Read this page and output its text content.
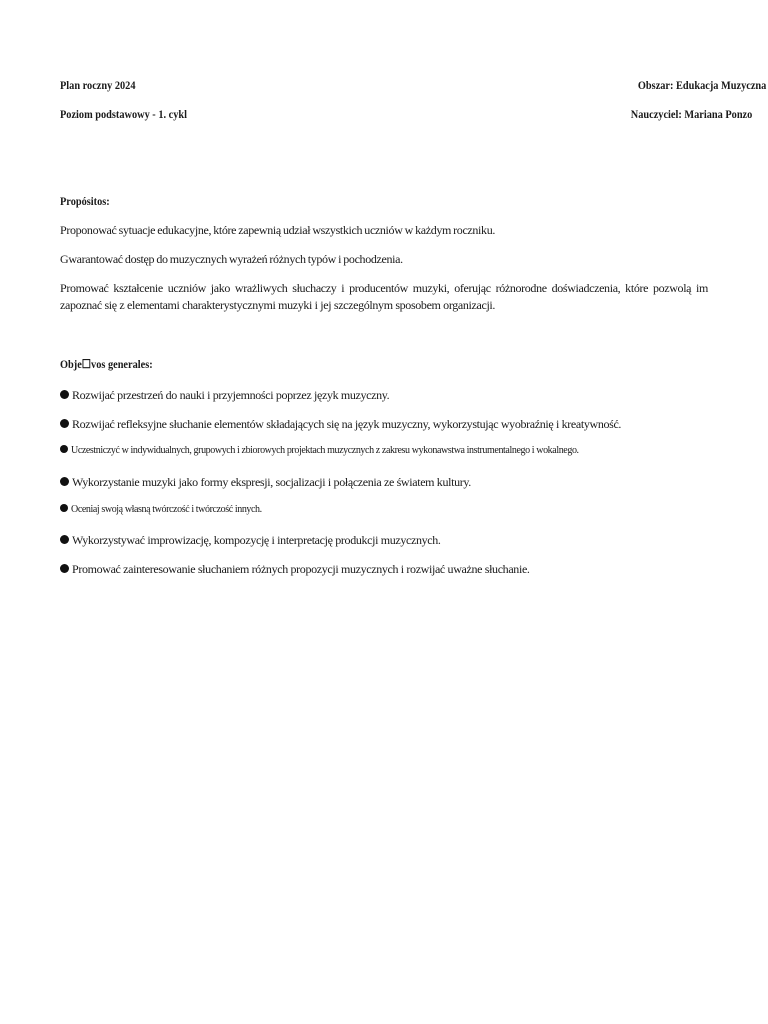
Plan roczny 2024	Obszar: Edukacja Muzyczna
Poziom podstawowy - 1. cykl	Nauczyciel: Mariana Ponzo
Propósitos:
Proponować sytuacje edukacyjne, które zapewnią udział wszystkich uczniów w każdym roczniku.
Gwarantować dostęp do muzycznych wyrażeń różnych typów i pochodzenia.
Promować kształcenie uczniów jako wrażliwych słuchaczy i producentów muzyki, oferując różnorodne doświadczenia, które pozwolą im zapoznać się z elementami charakterystycznymi muzyki i jej szczególnym sposobem organizacji.
Obje☐vos generales:
Rozwijać przestrzeń do nauki i przyjemności poprzez język muzyczny.
Rozwijać refleksyjne słuchanie elementów składających się na język muzyczny, wykorzystując wyobraźnię i kreatywność.
Uczestniczyć w indywidualnych, grupowych i zbiorowych projektach muzycznych z zakresu wykonawstwa instrumentalnego i wokalnego.
Wykorzystanie muzyki jako formy ekspresji, socjalizacji i połączenia ze światem kultury.
Oceniaj swoją własną twórczość i twórczość innych.
Wykorzystywać improwizację, kompozycję i interpretację produkcji muzycznych.
Promować zainteresowanie słuchaniem różnych propozycji muzycznych i rozwijać uważne słuchanie.
